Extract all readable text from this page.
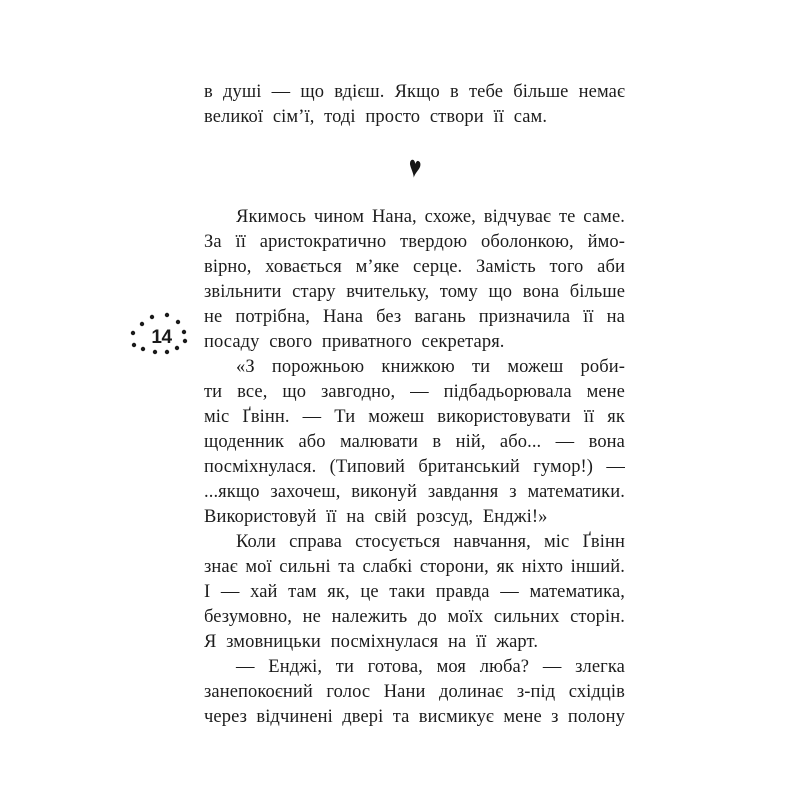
14
в душі — що вдієш. Якщо в тебе більше немає
великої сім’ї, тоді просто створи її сам.
♥
Якимось чином Нана, схоже, відчуває те саме.
За її аристократично твердою оболонкою, ймо-
вірно, ховається м’яке серце. Замість того аби
звільнити стару вчительку, тому що вона більше
не потрібна, Нана без вагань призначила її на
посаду свого приватного секретаря.
«З порожньою книжкою ти можеш роби-
ти все, що завгодно, — підбадьорювала мене
міс Ґвінн. — Ти можеш використовувати її як
щоденник або малювати в ній, або... — вона
посміхнулася. (Типовий британський гумор!) —
...якщо захочеш, виконуй завдання з математики.
Використовуй її на свій розсуд, Енджі!»
Коли справа стосується навчання, міс Ґвінн
знає мої сильні та слабкі сторони, як ніхто інший.
І — хай там як, це таки правда — математика,
безумовно, не належить до моїх сильних сторін.
Я змовницьки посміхнулася на її жарт.
— Енджі, ти готова, моя люба? — злегка
занепокоєний голос Нани долинає з-під східців
через відчинені двері та висмикує мене з полону
